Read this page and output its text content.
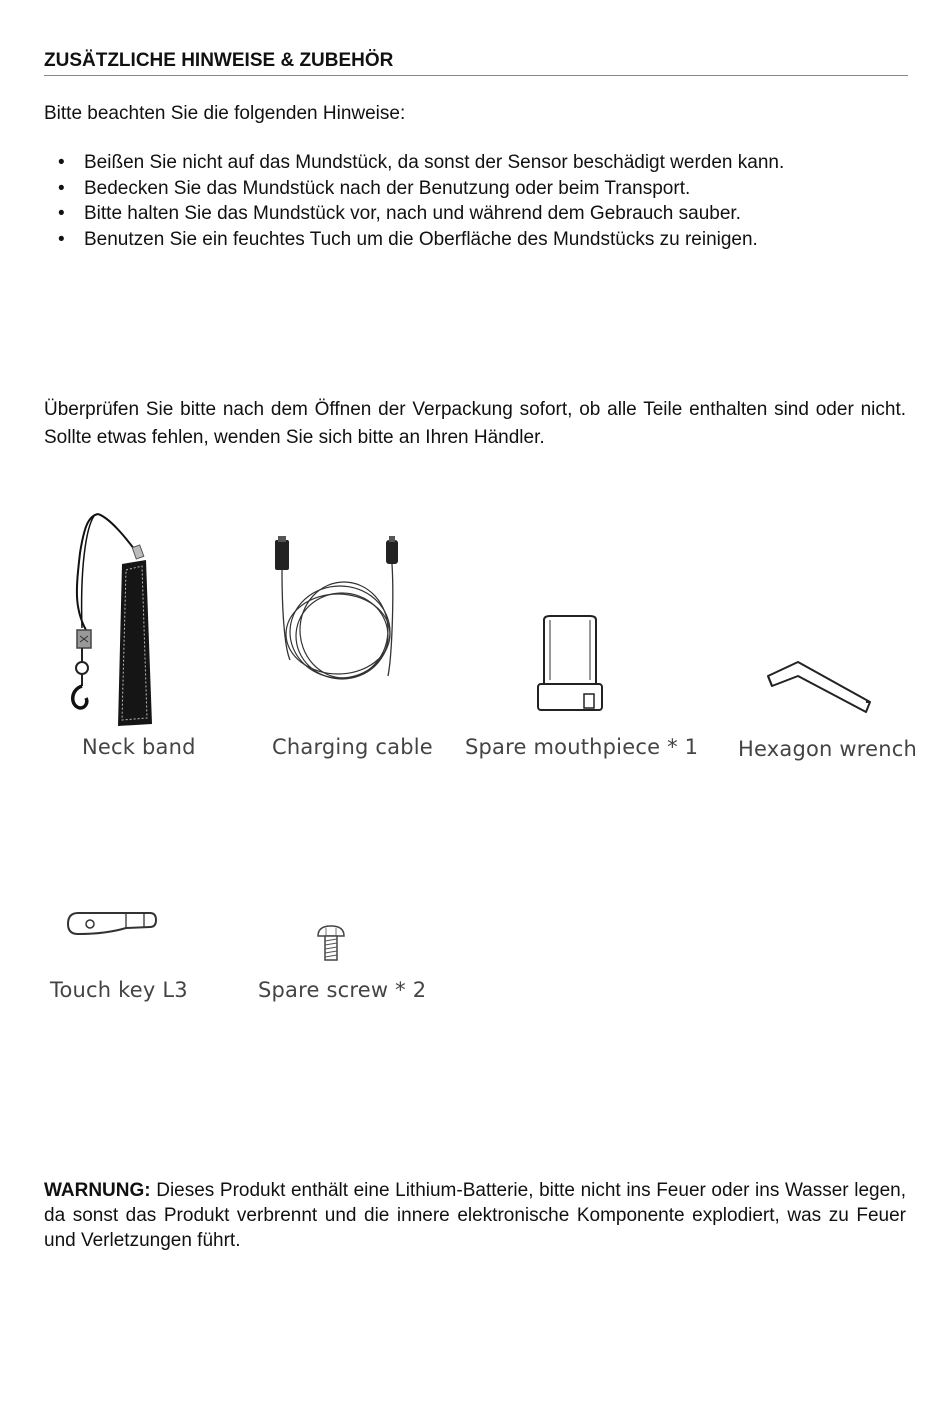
ZUSÄTZLICHE HINWEISE & ZUBEHÖR
Bitte beachten Sie die folgenden Hinweise:
• Beißen Sie nicht auf das Mundstück, da sonst der Sensor beschädigt werden kann.
• Bedecken Sie das Mundstück nach der Benutzung oder beim Transport.
• Bitte halten Sie das Mundstück vor, nach und während dem Gebrauch sauber.
• Benutzen Sie ein feuchtes Tuch um die Oberfläche des Mundstücks zu reinigen.
Überprüfen Sie bitte nach dem Öffnen der Verpackung sofort, ob alle Teile enthalten sind oder nicht. Sollte etwas fehlen, wenden Sie sich bitte an Ihren Händler.
Neck band	Charging cable Spare mouthpiece * 1 Hexagon wrench
Touch key L3	Spare screw * 2
WARNUNG: Dieses Produkt enthält eine Lithium-Batterie, bitte nicht ins Feuer oder ins Wasser legen, da sonst das Produkt verbrennt und die innere elektronische Komponente explodiert, was zu Feuer und Verletzungen führt.
